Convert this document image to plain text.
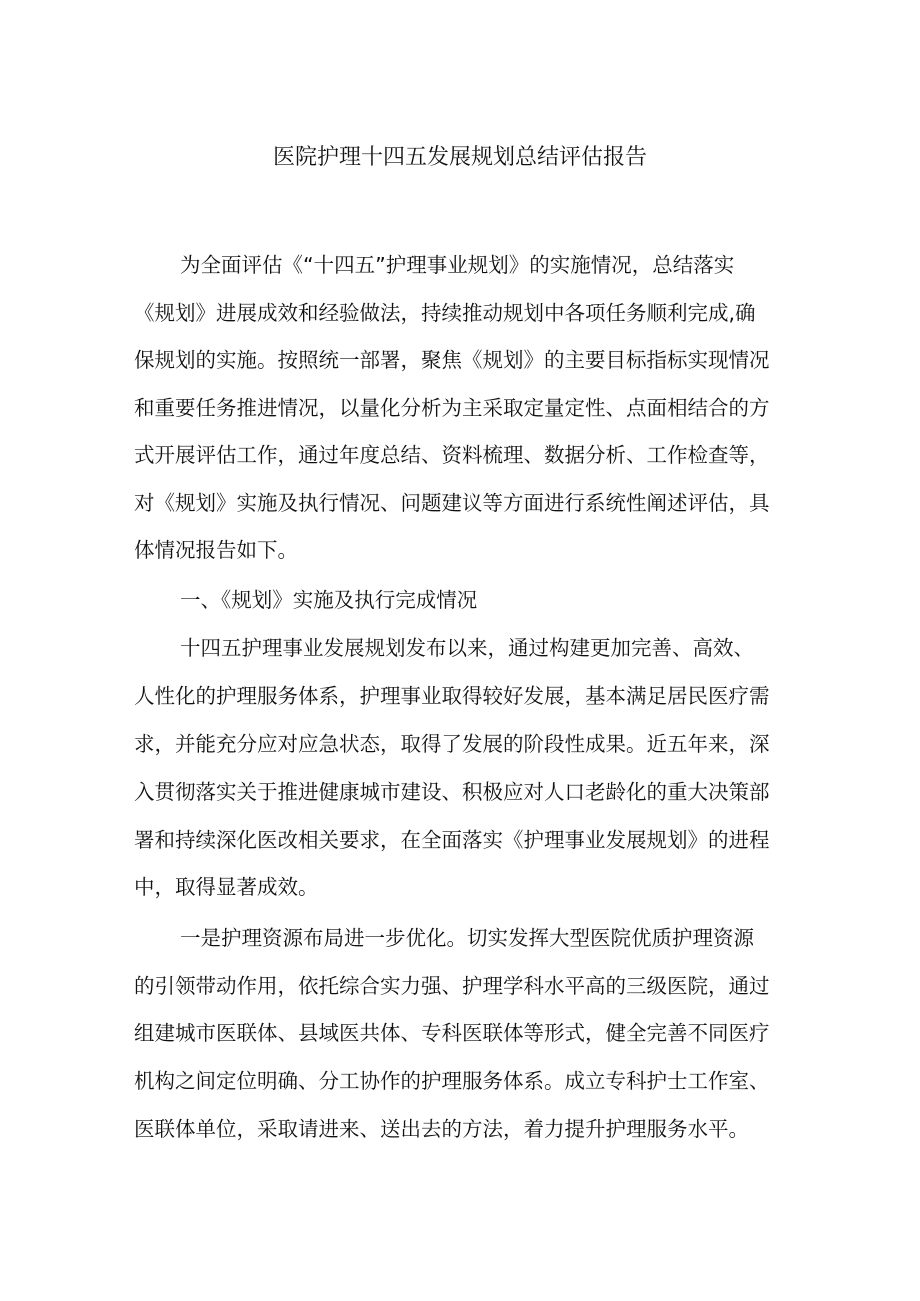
医院护理十四五发展规划总结评估报告
为全面评估《“十四五”护理事业规划》的实施情况，总结落实
《规划》进展成效和经验做法，持续推动规划中各项任务顺利完成,确
保规划的实施。按照统一部署，聚焦《规划》的主要目标指标实现情况
和重要任务推进情况，以量化分析为主采取定量定性、点面相结合的方
式开展评估工作，通过年度总结、资料梳理、数据分析、工作检查等，
对《规划》实施及执行情况、问题建议等方面进行系统性阐述评估，具
体情况报告如下。
一、《规划》实施及执行完成情况
十四五护理事业发展规划发布以来，通过构建更加完善、高效、
人性化的护理服务体系，护理事业取得较好发展，基本满足居民医疗需
求，并能充分应对应急状态，取得了发展的阶段性成果。近五年来，深
入贯彻落实关于推进健康城市建设、积极应对人口老龄化的重大决策部
署和持续深化医改相关要求，在全面落实《护理事业发展规划》的进程
中，取得显著成效。
一是护理资源布局进一步优化。切实发挥大型医院优质护理资源
的引领带动作用，依托综合实力强、护理学科水平高的三级医院，通过
组建城市医联体、县域医共体、专科医联体等形式，健全完善不同医疗
机构之间定位明确、分工协作的护理服务体系。成立专科护士工作室、
医联体单位，采取请进来、送出去的方法，着力提升护理服务水平。
